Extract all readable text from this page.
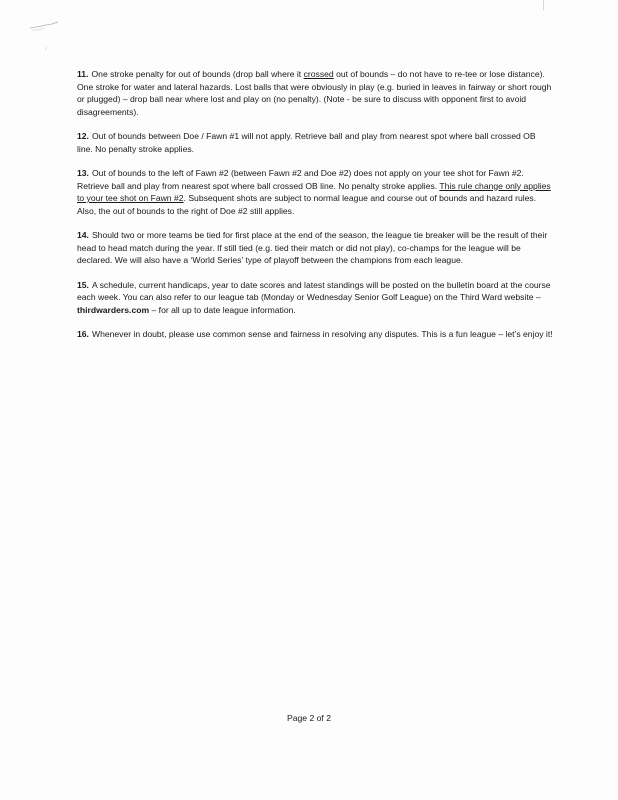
11. One stroke penalty for out of bounds (drop ball where it crossed out of bounds – do not have to re-tee or lose distance). One stroke for water and lateral hazards. Lost balls that were obviously in play (e.g. buried in leaves in fairway or short rough or plugged) – drop ball near where lost and play on (no penalty). (Note - be sure to discuss with opponent first to avoid disagreements).

12. Out of bounds between Doe / Fawn #1 will not apply. Retrieve ball and play from nearest spot where ball crossed OB line. No penalty stroke applies.

13. Out of bounds to the left of Fawn #2 (between Fawn #2 and Doe #2) does not apply on your tee shot for Fawn #2. Retrieve ball and play from nearest spot where ball crossed OB line. No penalty stroke applies. This rule change only applies to your tee shot on Fawn #2. Subsequent shots are subject to normal league and course out of bounds and hazard rules. Also, the out of bounds to the right of Doe #2 still applies.

14. Should two or more teams be tied for first place at the end of the season, the league tie breaker will be the result of their head to head match during the year. If still tied (e.g. tied their match or did not play), co-champs for the league will be declared. We will also have a ‘World Series’ type of playoff between the champions from each league.

15. A schedule, current handicaps, year to date scores and latest standings will be posted on the bulletin board at the course each week. You can also refer to our league tab (Monday or Wednesday Senior Golf League) on the Third Ward website – thirdwarders.com – for all up to date league information.

16. Whenever in doubt, please use common sense and fairness in resolving any disputes. This is a fun league – let’s enjoy it!

Page 2 of 2
